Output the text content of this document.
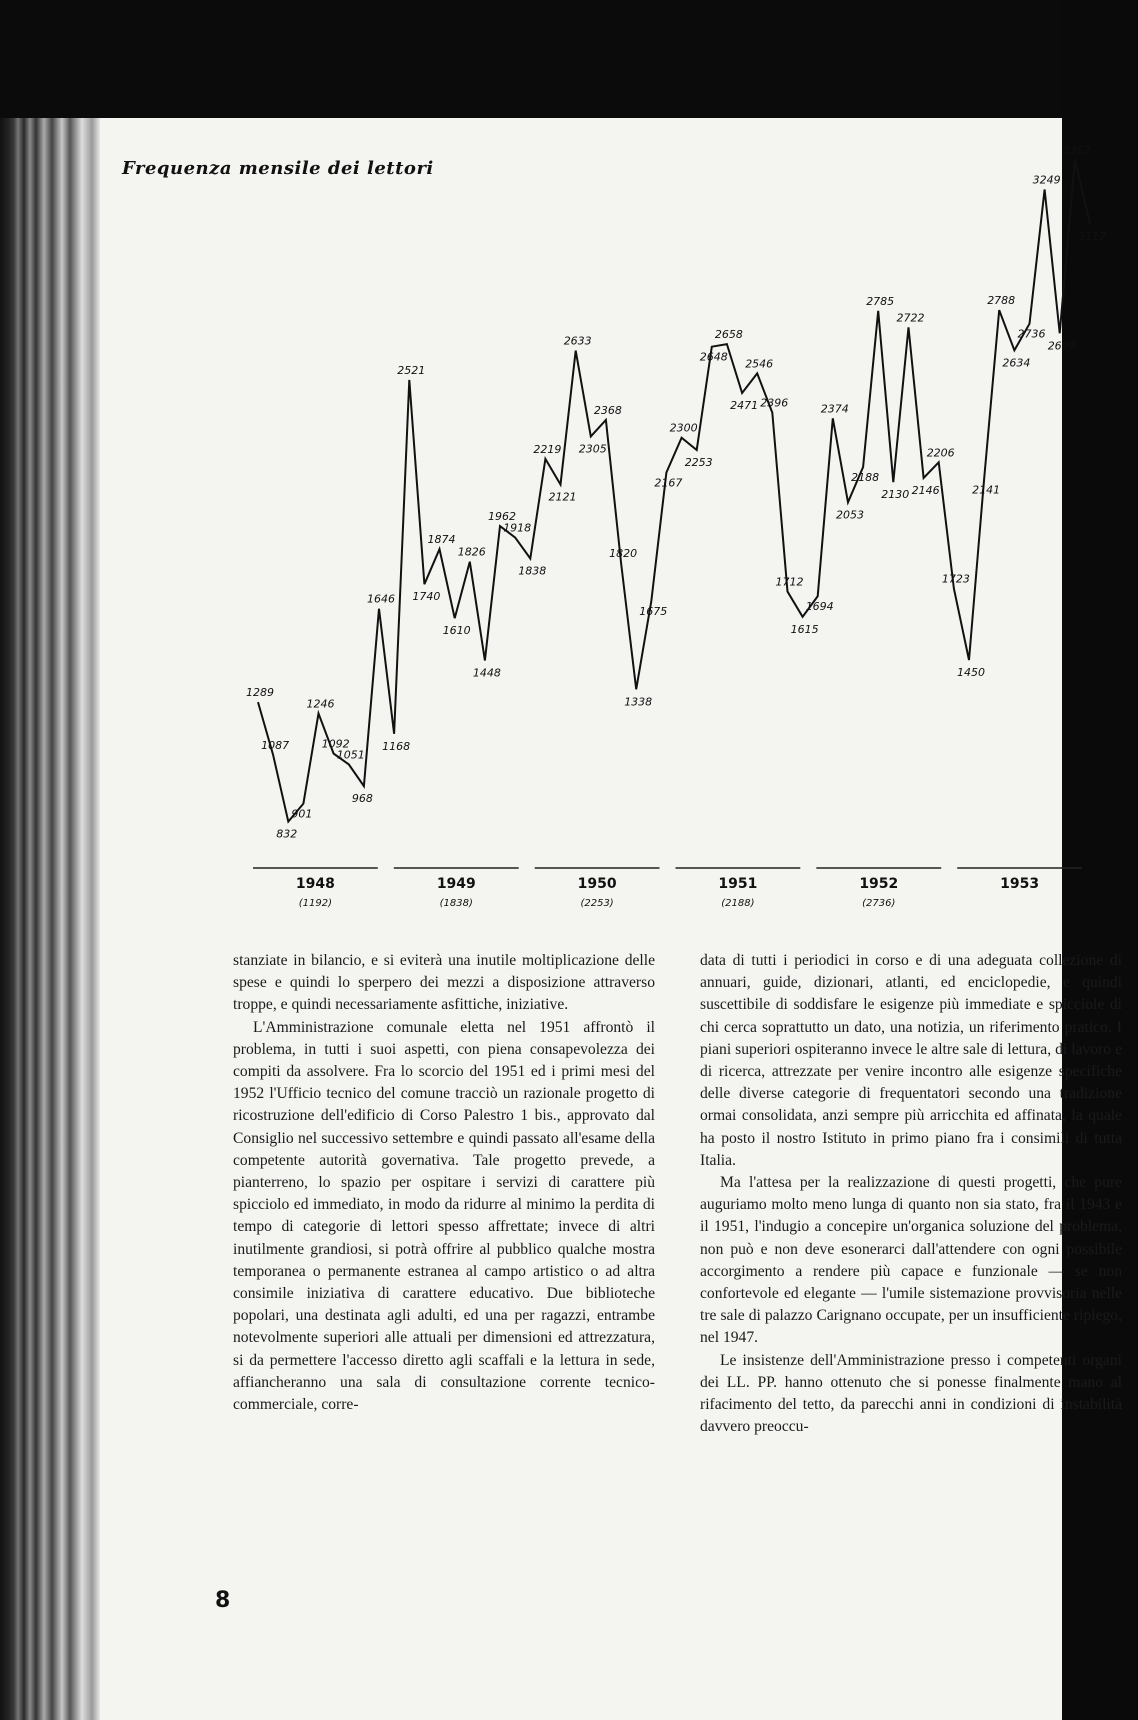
Frequenza mensile dei lettori
1289
1087
832
901
1246
1092
1051
968
1646
1168
2521
1740
1874
1610
1826
1448
1962
1918
1838
2219
2121
2633
2305
2368
1820
1338
1675
2167
2300
2253
2648
2658
2471
2546
2396
1712
1615
1694
2374
2053
2188
2785
2130
2722
2146
2206
1723
1450
2141
2788
2634
2736
3249
2699
3362
3117
1948
(1192)
1949
(1838)
1950
(2253)
1951
(2188)
1952
(2736)
1953

stanziate in bilancio, e si eviterà una inutile moltiplicazione delle spese e quindi lo sperpero dei mezzi a disposizione attraverso troppe, e quindi necessariamente asfittiche, iniziative.

L'Amministrazione comunale eletta nel 1951 affrontò il problema, in tutti i suoi aspetti, con piena consapevolezza dei compiti da assolvere. Fra lo scorcio del 1951 ed i primi mesi del 1952 l'Ufficio tecnico del comune tracciò un razionale progetto di ricostruzione dell'edificio di Corso Palestro 1 bis., approvato dal Consiglio nel successivo settembre e quindi passato all'esame della competente autorità governativa. Tale progetto prevede, a pianterreno, lo spazio per ospitare i servizi di carattere più spicciolo ed immediato, in modo da ridurre al minimo la perdita di tempo di categorie di lettori spesso affrettate; invece di altri inutilmente grandiosi, si potrà offrire al pubblico qualche mostra temporanea o permanente estranea al campo artistico o ad altra consimile iniziativa di carattere educativo. Due biblioteche popolari, una destinata agli adulti, ed una per ragazzi, entrambe notevolmente superiori alle attuali per dimensioni ed attrezzatura, si da permettere l'accesso diretto agli scaffali e la lettura in sede, affiancheranno una sala di consultazione corrente tecnico-commerciale, corre-

data di tutti i periodici in corso e di una adeguata collezione di annuari, guide, dizionari, atlanti, ed enciclopedie, e quindi suscettibile di soddisfare le esigenze più immediate e spicciole di chi cerca soprattutto un dato, una notizia, un riferimento pratico. I piani superiori ospiteranno invece le altre sale di lettura, di lavoro e di ricerca, attrezzate per venire incontro alle esigenze specifiche delle diverse categorie di frequentatori secondo una tradizione ormai consolidata, anzi sempre più arricchita ed affinata, la quale ha posto il nostro Istituto in primo piano fra i consimili di tutta Italia.

Ma l'attesa per la realizzazione di questi progetti, che pure auguriamo molto meno lunga di quanto non sia stato, fra il 1943 e il 1951, l'indugio a concepire un'organica soluzione del problema, non può e non deve esonerarci dall'attendere con ogni possibile accorgimento a rendere più capace e funzionale — se non confortevole ed elegante — l'umile sistemazione provvisoria nelle tre sale di palazzo Carignano occupate, per un insufficiente ripiego, nel 1947.

Le insistenze dell'Amministrazione presso i competenti organi dei LL. PP. hanno ottenuto che si ponesse finalmente mano al rifacimento del tetto, da parecchi anni in condizioni di instabilità davvero preoccu-

8
